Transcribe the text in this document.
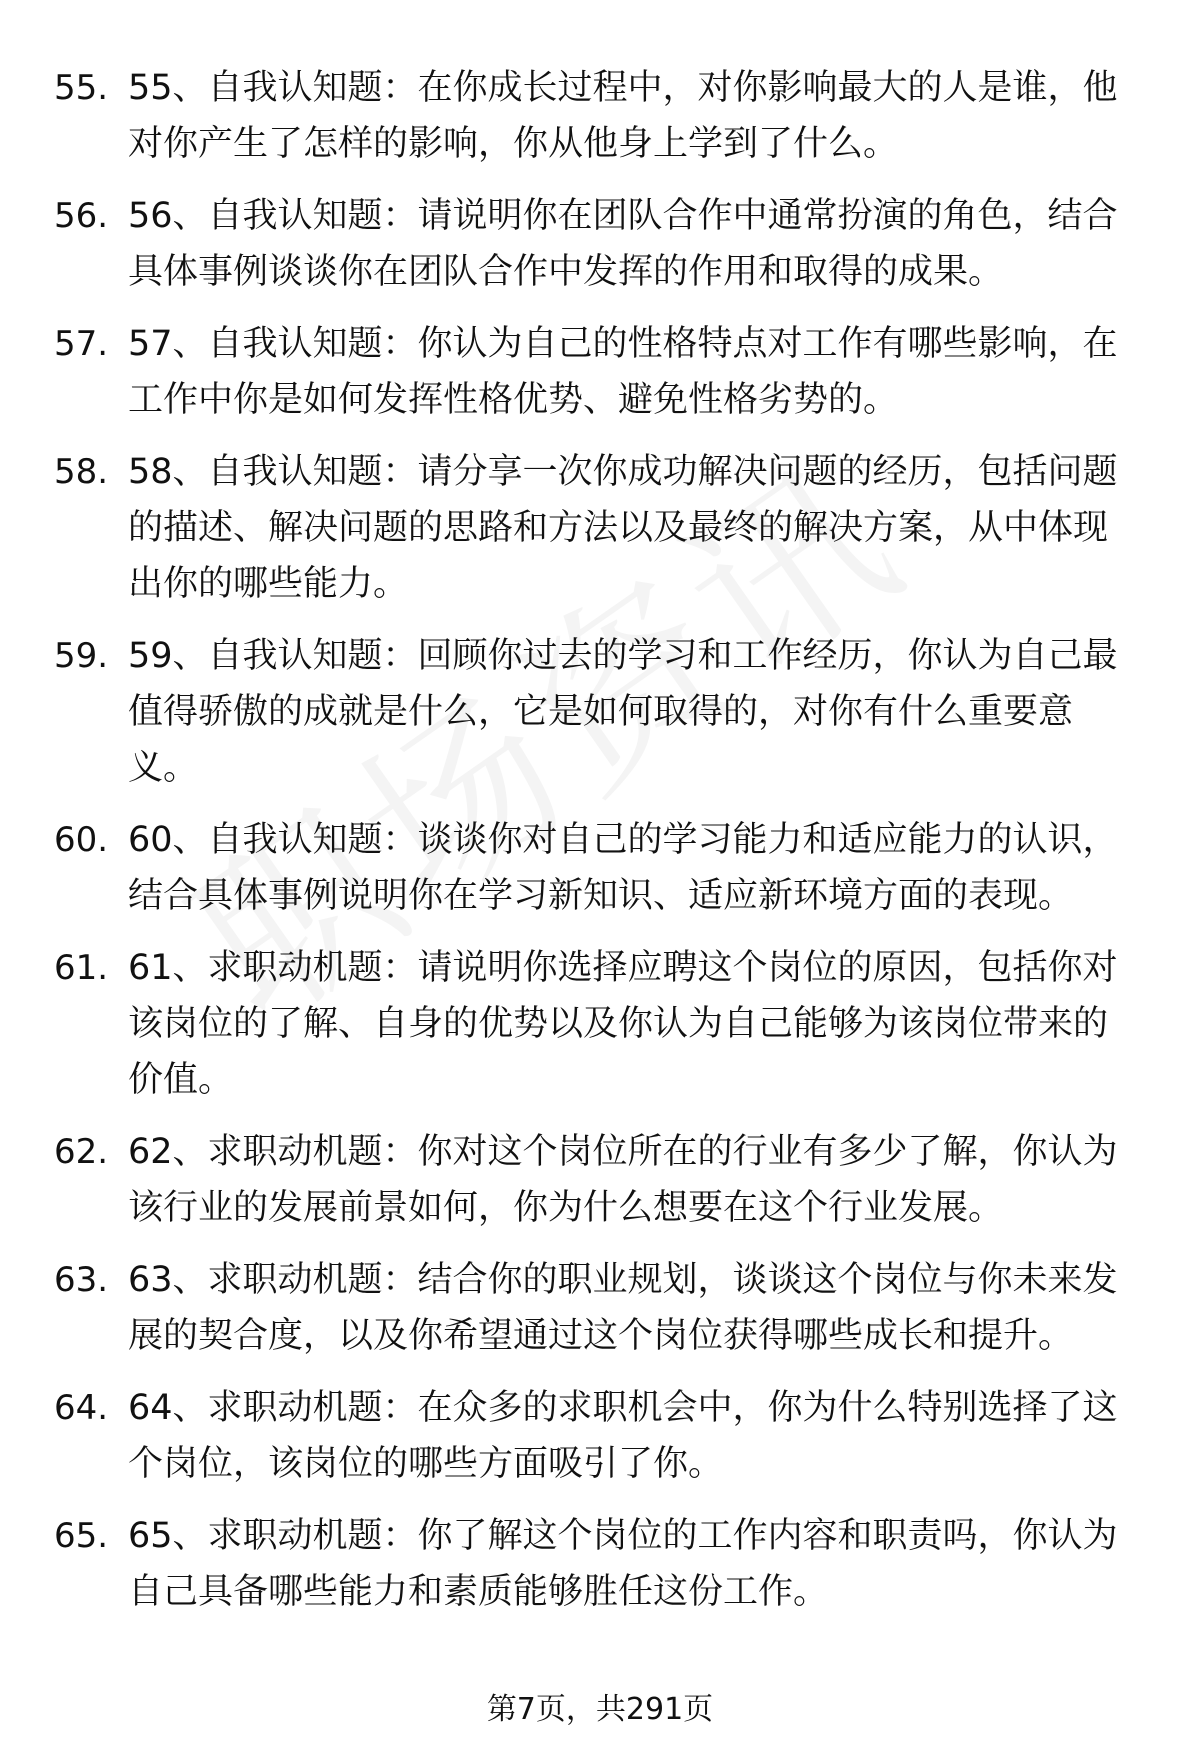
55. 55、自我认知题：在你成长过程中，对你影响最大的人是谁，他对你产生了怎样的影响，你从他身上学到了什么。
56. 56、自我认知题：请说明你在团队合作中通常扮演的角色，结合具体事例谈谈你在团队合作中发挥的作用和取得的成果。
57. 57、自我认知题：你认为自己的性格特点对工作有哪些影响，在工作中你是如何发挥性格优势、避免性格劣势的。
58. 58、自我认知题：请分享一次你成功解决问题的经历，包括问题的描述、解决问题的思路和方法以及最终的解决方案，从中体现出你的哪些能力。
59. 59、自我认知题：回顾你过去的学习和工作经历，你认为自己最值得骄傲的成就是什么，它是如何取得的，对你有什么重要意义。
60. 60、自我认知题：谈谈你对自己的学习能力和适应能力的认识，结合具体事例说明你在学习新知识、适应新环境方面的表现。
61. 61、求职动机题：请说明你选择应聘这个岗位的原因，包括你对该岗位的了解、自身的优势以及你认为自己能够为该岗位带来的价值。
62. 62、求职动机题：你对这个岗位所在的行业有多少了解，你认为该行业的发展前景如何，你为什么想要在这个行业发展。
63. 63、求职动机题：结合你的职业规划，谈谈这个岗位与你未来发展的契合度，以及你希望通过这个岗位获得哪些成长和提升。
64. 64、求职动机题：在众多的求职机会中，你为什么特别选择了这个岗位，该岗位的哪些方面吸引了你。
65. 65、求职动机题：你了解这个岗位的工作内容和职责吗，你认为自己具备哪些能力和素质能够胜任这份工作。
第7页，共291页
